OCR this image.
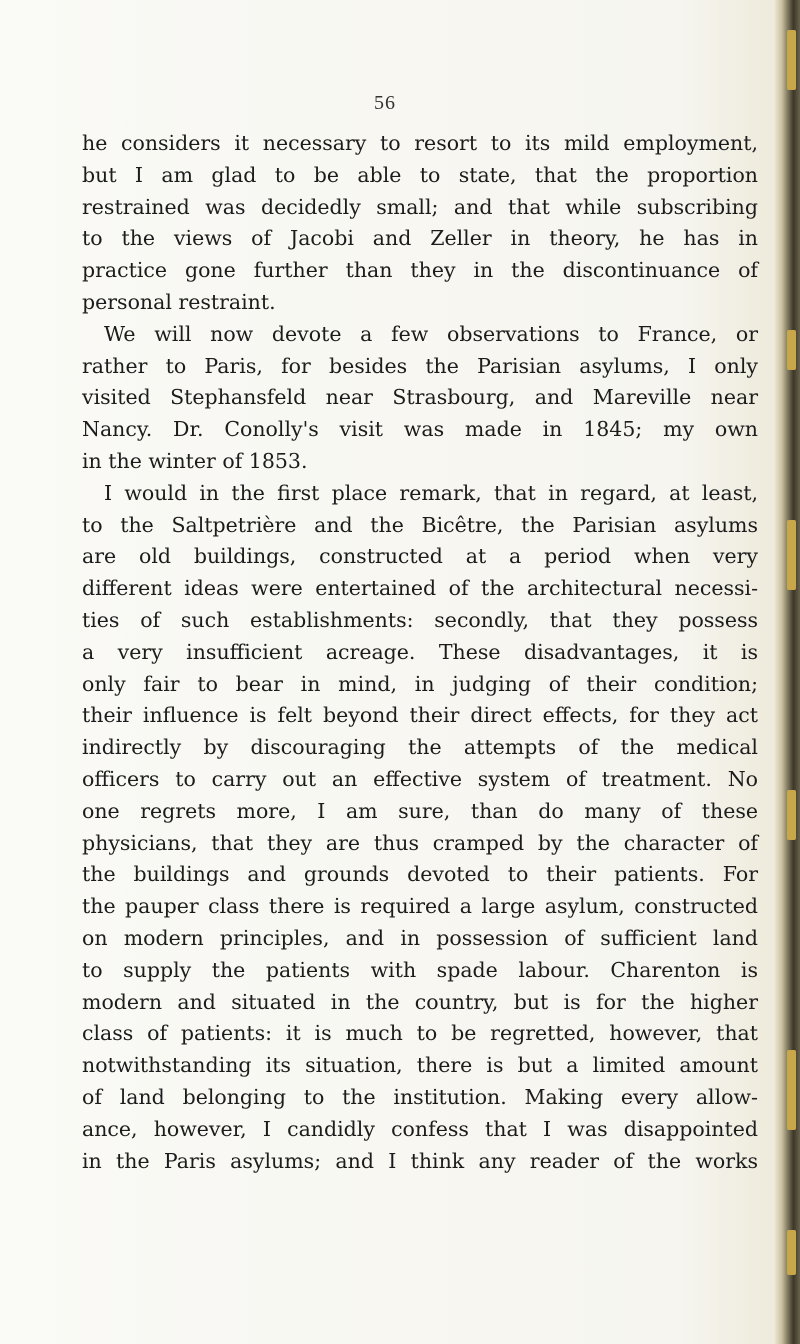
56
he considers it necessary to resort to its mild employment,
but I am glad to be able to state, that the proportion
restrained was decidedly small; and that while subscribing
to the views of Jacobi and Zeller in theory, he has in
practice gone further than they in the discontinuance of
personal restraint.
We will now devote a few observations to France, or
rather to Paris, for besides the Parisian asylums, I only
visited Stephansfeld near Strasbourg, and Mareville near
Nancy. Dr. Conolly's visit was made in 1845; my own
in the winter of 1853.
I would in the first place remark, that in regard, at least,
to the Saltpetrière and the Bicêtre, the Parisian asylums
are old buildings, constructed at a period when very
different ideas were entertained of the architectural necessi-
ties of such establishments: secondly, that they possess
a very insufficient acreage. These disadvantages, it is
only fair to bear in mind, in judging of their condition;
their influence is felt beyond their direct effects, for they act
indirectly by discouraging the attempts of the medical
officers to carry out an effective system of treatment. No
one regrets more, I am sure, than do many of these
physicians, that they are thus cramped by the character of
the buildings and grounds devoted to their patients. For
the pauper class there is required a large asylum, constructed
on modern principles, and in possession of sufficient land
to supply the patients with spade labour. Charenton is
modern and situated in the country, but is for the higher
class of patients: it is much to be regretted, however, that
notwithstanding its situation, there is but a limited amount
of land belonging to the institution. Making every allow-
ance, however, I candidly confess that I was disappointed
in the Paris asylums; and I think any reader of the works
